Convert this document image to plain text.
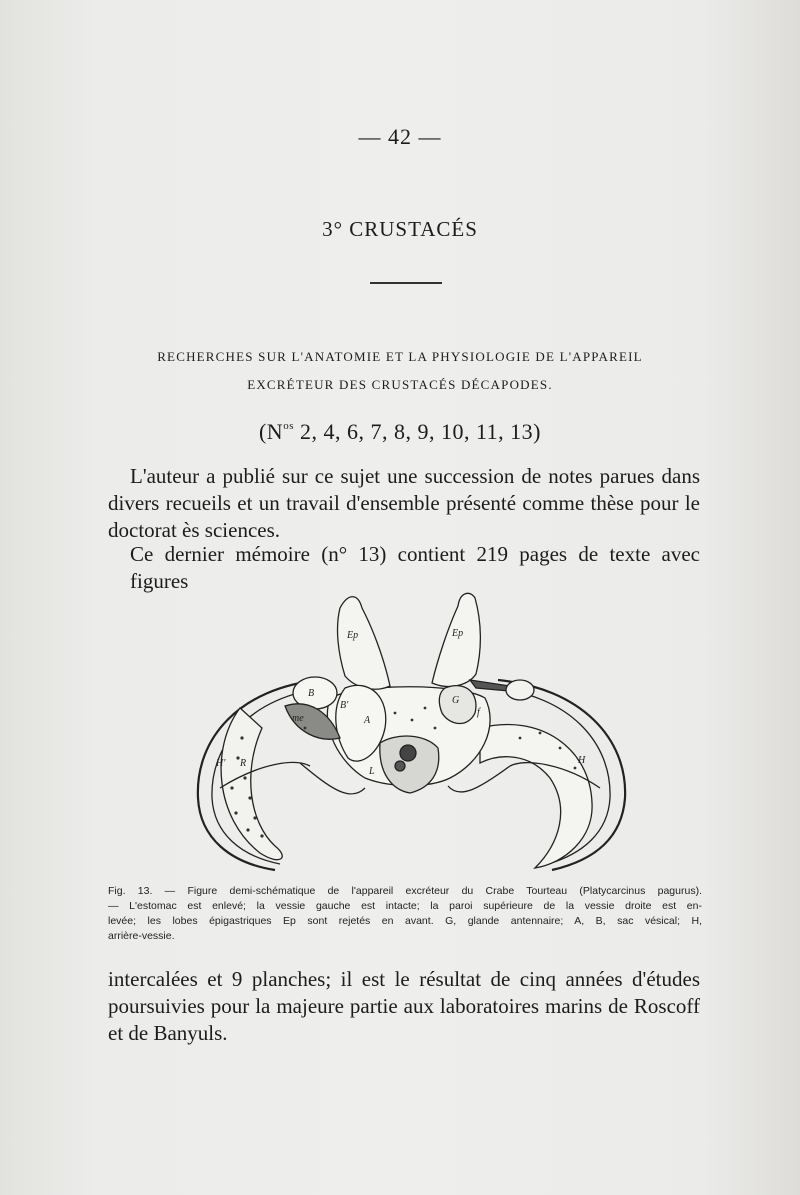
— 42 —
3° CRUSTACÉS
RECHERCHES SUR L'ANATOMIE ET LA PHYSIOLOGIE DE L'APPAREIL
EXCRÉTEUR DES CRUSTACÉS DÉCAPODES.
($N^{os}$ 2, 4, 6, 7, 8, 9, 10, 11, 13)
L'auteur a publié sur ce sujet une succession de notes parues dans
divers recueils et un travail d'ensemble présenté comme thèse pour le
doctorat ès sciences.
Ce dernier mémoire (n° 13) contient 219 pages de texte avec figures
Ep	Ep
B
B'
A
me
H' R
L
G
f
H
Fig. 13. — Figure demi-schématique de l'appareil excréteur du Crabe Tourteau (Platycarcinus pagurus).
— L'estomac est enlevé; la vessie gauche est intacte; la paroi supérieure de la vessie droite est en-
levée; les lobes épigastriques Ep sont rejetés en avant. G, glande antennaire; A, B, sac vésical; H,
arrière-vessie.
intercalées et 9 planches; il est le résultat de cinq années d'études
poursuivies pour la majeure partie aux laboratoires marins de Roscoff
et de Banyuls.
